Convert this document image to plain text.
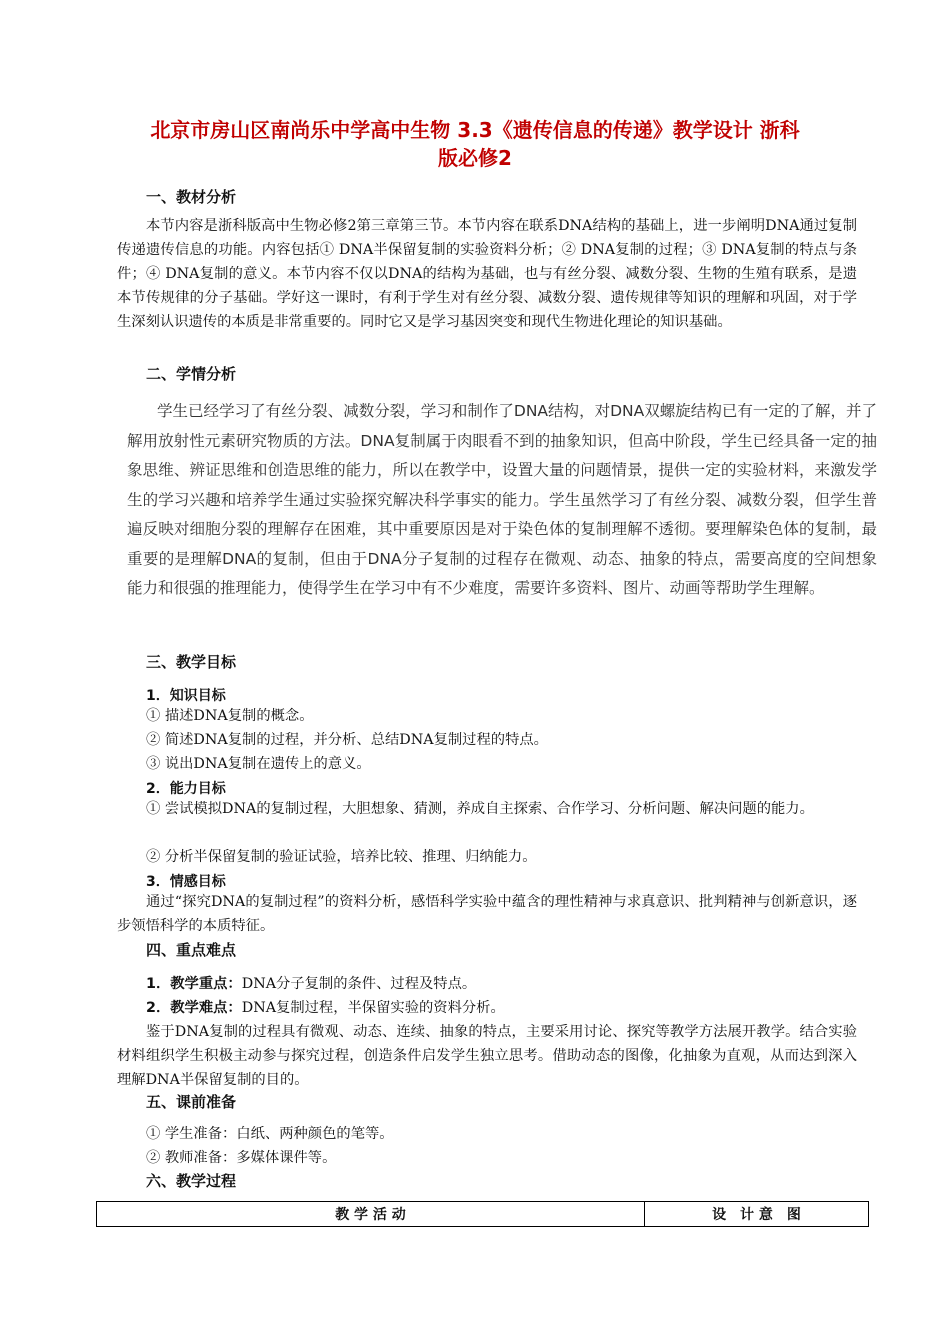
北京市房山区南尚乐中学高中生物 3.3《遗传信息的传递》教学设计 浙科
版必修2
一、教材分析

本节内容是浙科版高中生物必修2第三章第三节。本节内容在联系DNA结构的基础上，进一步阐明DNA通过复制传递遗传信息的功能。内容包括① DNA半保留复制的实验资料分析；② DNA复制的过程；③ DNA复制的特点与条件；④ DNA复制的意义。本节内容不仅以DNA的结构为基础，也与有丝分裂、减数分裂、生物的生殖有联系，是遗本节传规律的分子基础。学好这一课时，有利于学生对有丝分裂、减数分裂、遗传规律等知识的理解和巩固，对于学生深刻认识遗传的本质是非常重要的。同时它又是学习基因突变和现代生物进化理论的知识基础。

二、学情分析

学生已经学习了有丝分裂、减数分裂，学习和制作了DNA结构，对DNA双螺旋结构已有一定的了解，并了解用放射性元素研究物质的方法。DNA复制属于肉眼看不到的抽象知识，但高中阶段，学生已经具备一定的抽象思维、辨证思维和创造思维的能力，所以在教学中，设置大量的问题情景，提供一定的实验材料，来激发学生的学习兴趣和培养学生通过实验探究解决科学事实的能力。学生虽然学习了有丝分裂、减数分裂，但学生普遍反映对细胞分裂的理解存在困难，其中重要原因是对于染色体的复制理解不透彻。要理解染色体的复制，最重要的是理解DNA的复制，但由于DNA分子复制的过程存在微观、动态、抽象的特点，需要高度的空间想象能力和很强的推理能力，使得学生在学习中有不少难度，需要许多资料、图片、动画等帮助学生理解。

三、教学目标
1．知识目标
① 描述DNA复制的概念。
② 简述DNA复制的过程，并分析、总结DNA复制过程的特点。
③ 说出DNA复制在遗传上的意义。
2．能力目标

① 尝试模拟DNA的复制过程，大胆想象、猜测，养成自主探索、合作学习、分析问题、解决问题的能力。

② 分析半保留复制的验证试验，培养比较、推理、归纳能力。
3．情感目标

通过“探究DNA的复制过程”的资料分析，感悟科学实验中蕴含的理性精神与求真意识、批判精神与创新意识，逐步领悟科学的本质特征。

四、重点难点
1．教学重点：DNA分子复制的条件、过程及特点。
2．教学难点：DNA复制过程，半保留实验的资料分析。

鉴于DNA复制的过程具有微观、动态、连续、抽象的特点，主要采用讨论、探究等教学方法展开教学。结合实验材料组织学生积极主动参与探究过程，创造条件启发学生独立思考。借助动态的图像，化抽象为直观，从而达到深入理解DNA半保留复制的目的。

五、课前准备
① 学生准备：白纸、两种颜色的笔等。
② 教师准备：多媒体课件等。
六、教学过程
教 学 活 动	设　计 意　图
